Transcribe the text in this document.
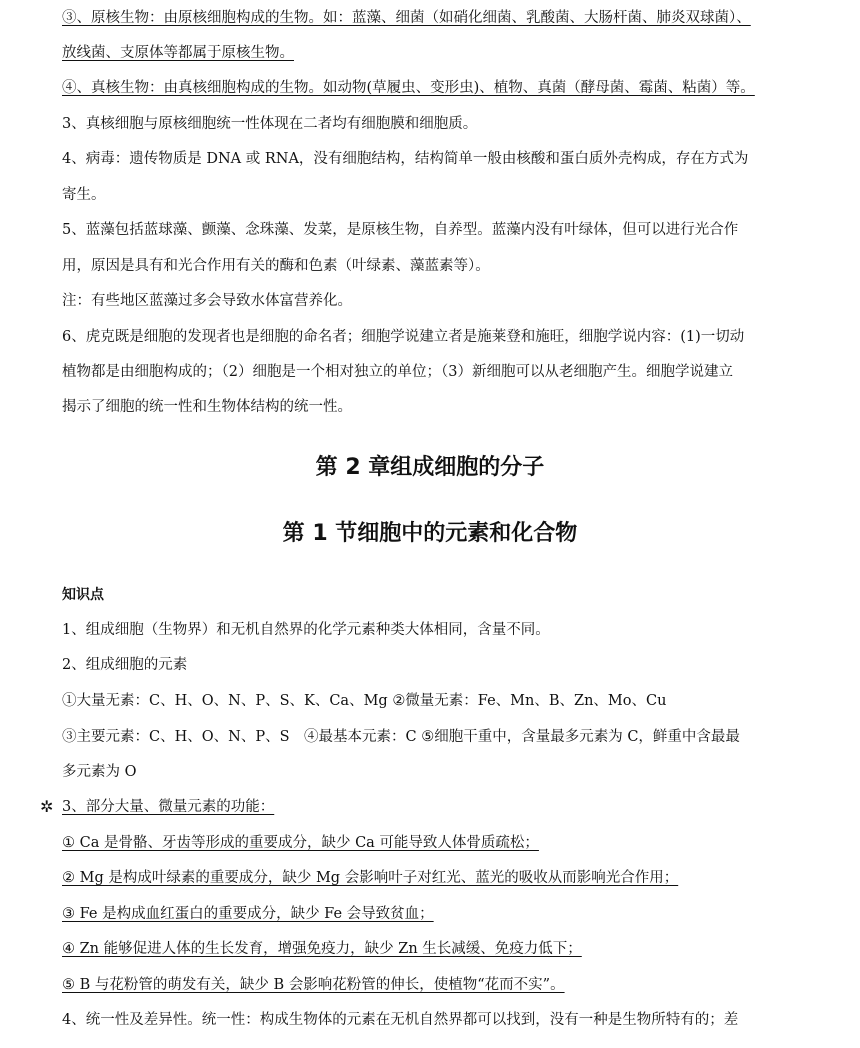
③、原核生物：由原核细胞构成的生物。如：蓝藻、细菌（如硝化细菌、乳酸菌、大肠杆菌、肺炎双球菌）、
放线菌、支原体等都属于原核生物。
④、真核生物：由真核细胞构成的生物。如动物(草履虫、变形虫)、植物、真菌（酵母菌、霉菌、粘菌）等。
3、真核细胞与原核细胞统一性体现在二者均有细胞膜和细胞质。
4、病毒：遗传物质是 DNA 或 RNA，没有细胞结构，结构简单一般由核酸和蛋白质外壳构成，存在方式为
寄生。
5、蓝藻包括蓝球藻、颤藻、念珠藻、发菜，是原核生物，自养型。蓝藻内没有叶绿体，但可以进行光合作
用，原因是具有和光合作用有关的酶和色素（叶绿素、藻蓝素等）。
注：有些地区蓝藻过多会导致水体富营养化。
6、虎克既是细胞的发现者也是细胞的命名者；细胞学说建立者是施莱登和施旺，细胞学说内容：(1)一切动
植物都是由细胞构成的；（2）细胞是一个相对独立的单位；（3）新细胞可以从老细胞产生。细胞学说建立
揭示了细胞的统一性和生物体结构的统一性。
第 2 章组成细胞的分子
第 1 节细胞中的元素和化合物
知识点
1、组成细胞（生物界）和无机自然界的化学元素种类大体相同，含量不同。
2、组成细胞的元素
①大量无素：C、H、O、N、P、S、K、Ca、Mg ②微量无素：Fe、Mn、B、Zn、Mo、Cu
③主要元素：C、H、O、N、P、S　④最基本元素：C ⑤细胞干重中，含量最多元素为 C，鲜重中含最最
多元素为 O
✲ 3、部分大量、微量元素的功能：
① Ca 是骨骼、牙齿等形成的重要成分，缺少 Ca 可能导致人体骨质疏松；
② Mg 是构成叶绿素的重要成分，缺少 Mg 会影响叶子对红光、蓝光的吸收从而影响光合作用；
③ Fe 是构成血红蛋白的重要成分，缺少 Fe 会导致贫血；
④ Zn 能够促进人体的生长发育，增强免疫力，缺少 Zn 生长减缓、免疫力低下；
⑤ B 与花粉管的萌发有关，缺少 B 会影响花粉管的伸长，使植物“花而不实”。
4、统一性及差异性。统一性：构成生物体的元素在无机自然界都可以找到，没有一种是生物所特有的；差
